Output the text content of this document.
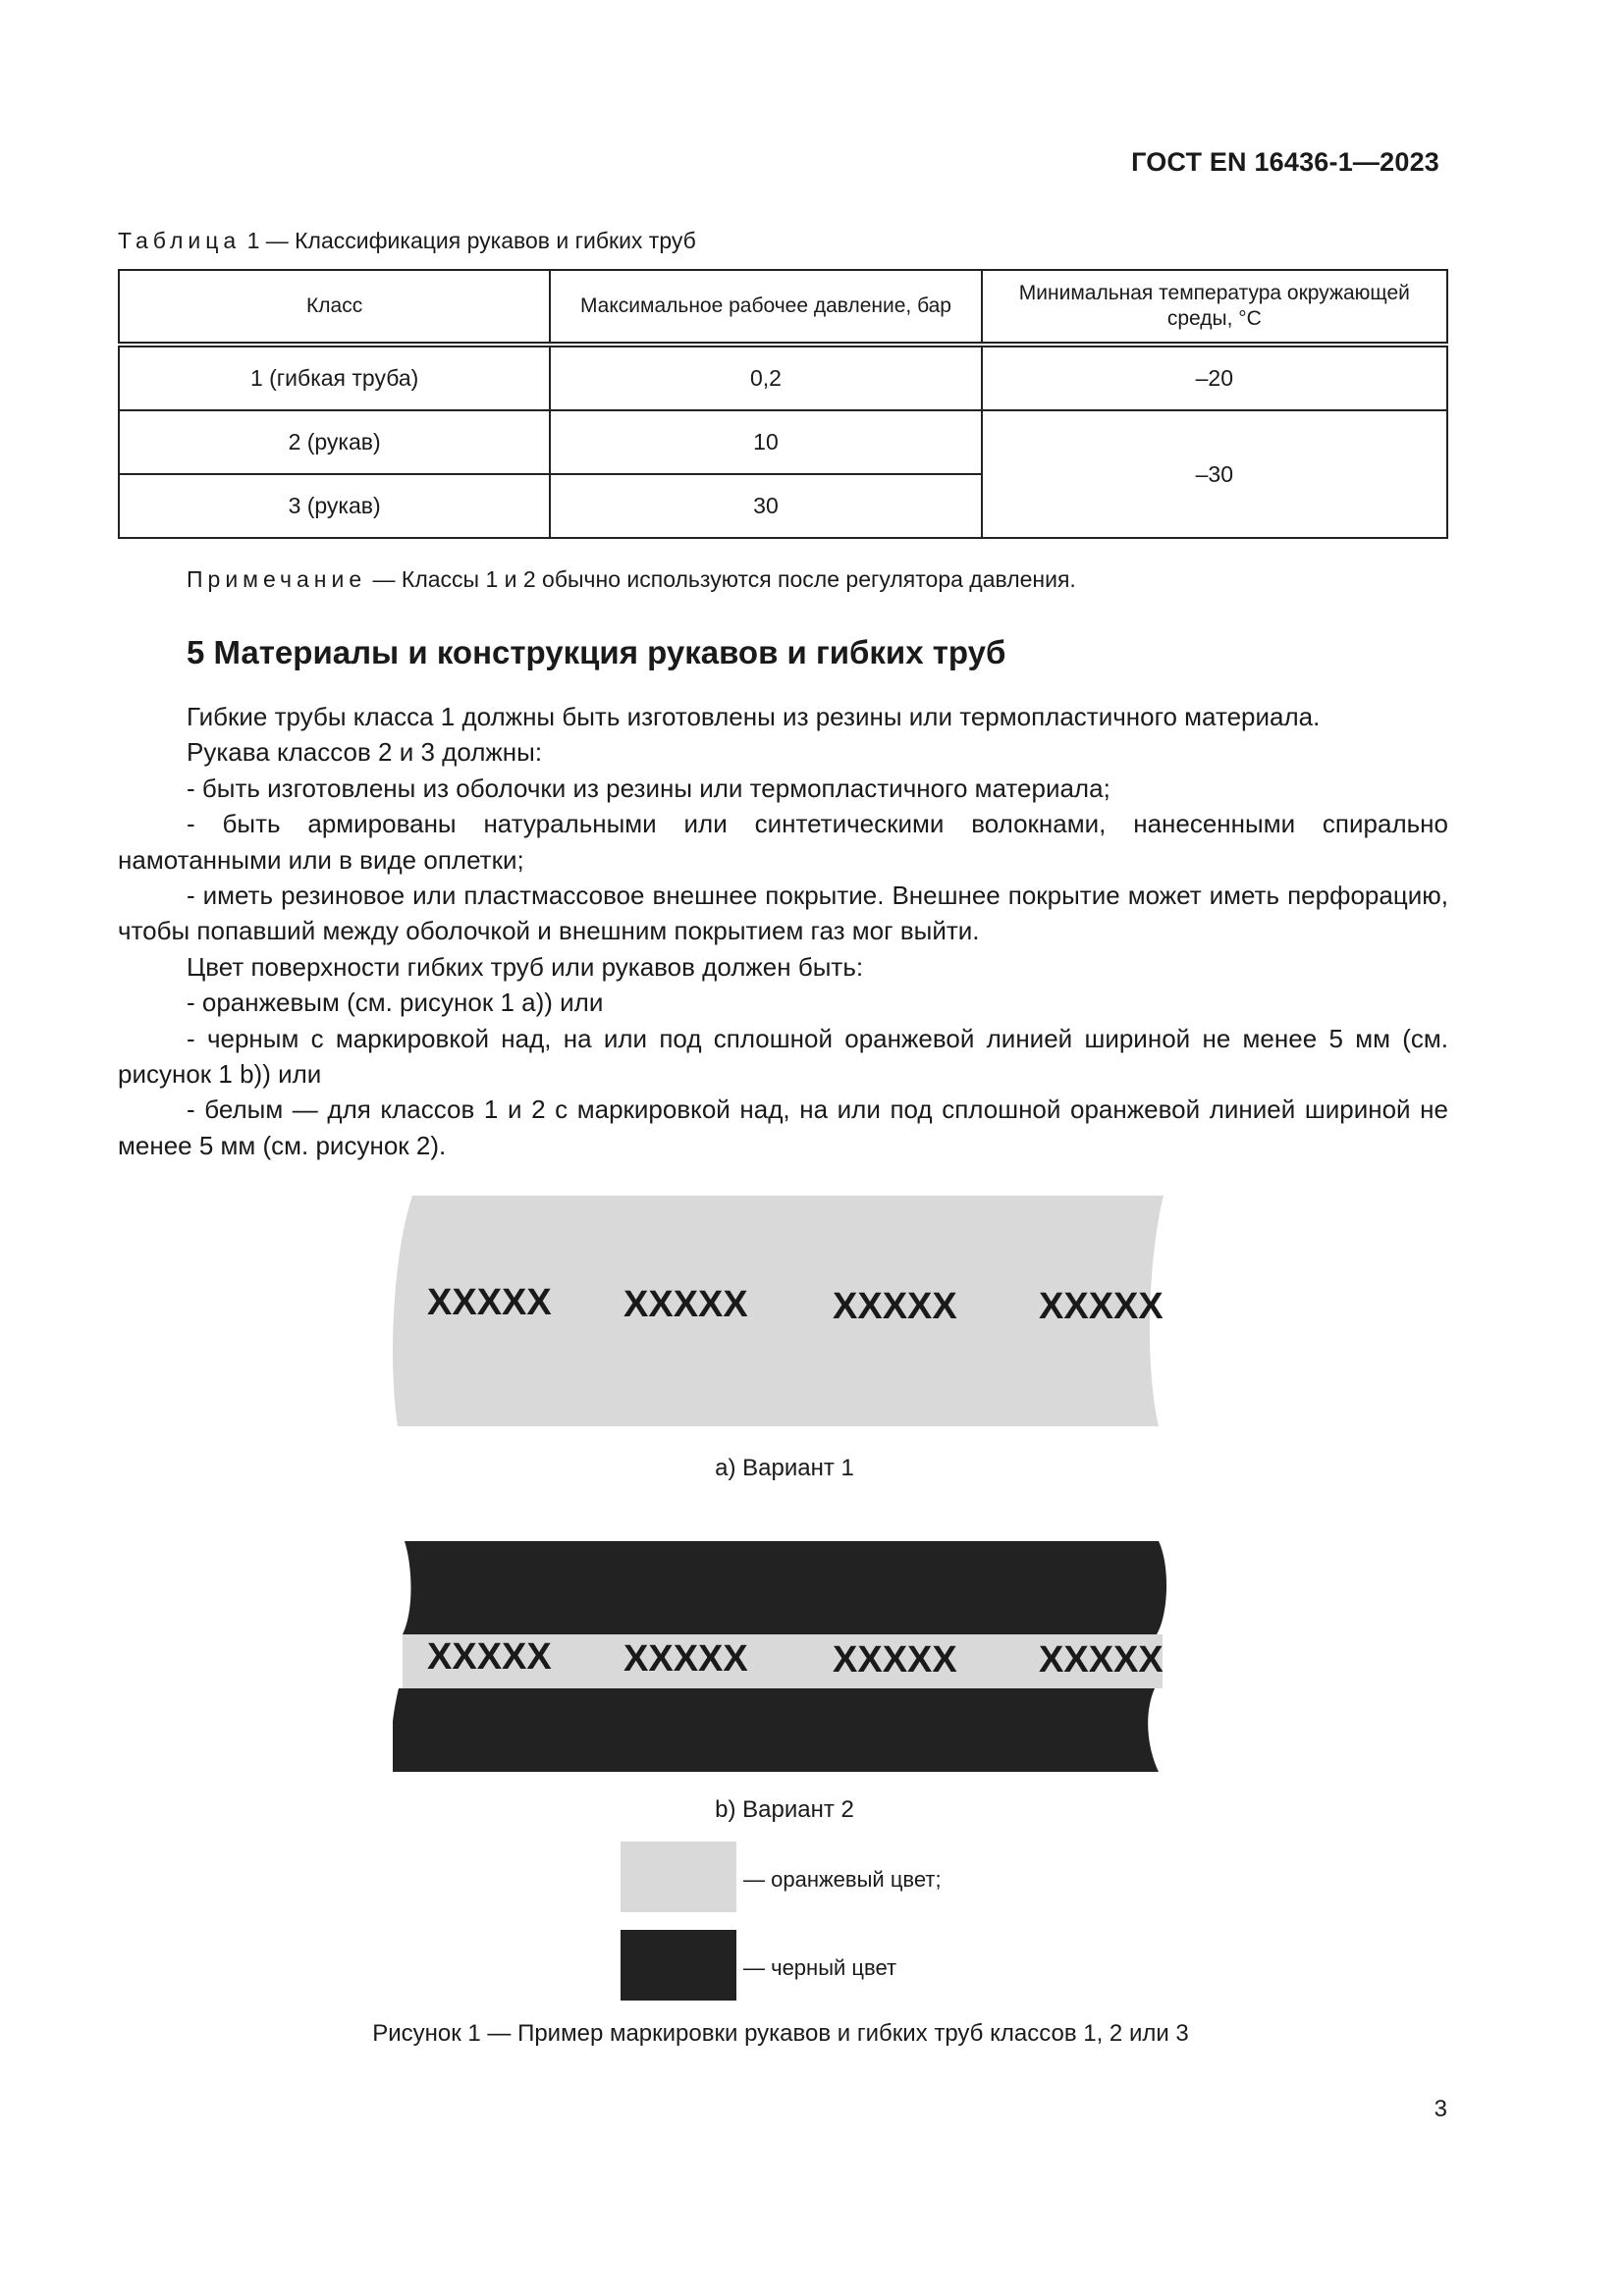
ГОСТ EN 16436-1—2023
Таблица 1 — Классификация рукавов и гибких труб
Класс	Максимальное рабочее давление, бар	Минимальная температура окружающей среды, °С
1 (гибкая труба)	0,2	–20
2 (рукав)	10	–30
3 (рукав)	30	
Примечание — Классы 1 и 2 обычно используются после регулятора давления.
5 Материалы и конструкция рукавов и гибких труб

Гибкие трубы класса 1 должны быть изготовлены из резины или термопластичного материала.

Рукава классов 2 и 3 должны:

- быть изготовлены из оболочки из резины или термопластичного материала;

- быть армированы натуральными или синтетическими волокнами, нанесенными спирально намотанными или в виде оплетки;

- иметь резиновое или пластмассовое внешнее покрытие. Внешнее покрытие может иметь перфорацию, чтобы попавший между оболочкой и внешним покрытием газ мог выйти.

Цвет поверхности гибких труб или рукавов должен быть:

- оранжевым (см. рисунок 1 а)) или

- черным с маркировкой над, на или под сплошной оранжевой линией шириной не менее 5 мм (см. рисунок 1 b)) или

- белым — для классов 1 и 2 с маркировкой над, на или под сплошной оранжевой линией шириной не менее 5 мм (см. рисунок 2).

XXXXX XXXXX XXXXX XXXXX
a) Вариант 1
XXXXX XXXXX XXXXX XXXXX
b) Вариант 2
— оранжевый цвет;
— черный цвет
Рисунок 1 — Пример маркировки рукавов и гибких труб классов 1, 2 или 3
3
